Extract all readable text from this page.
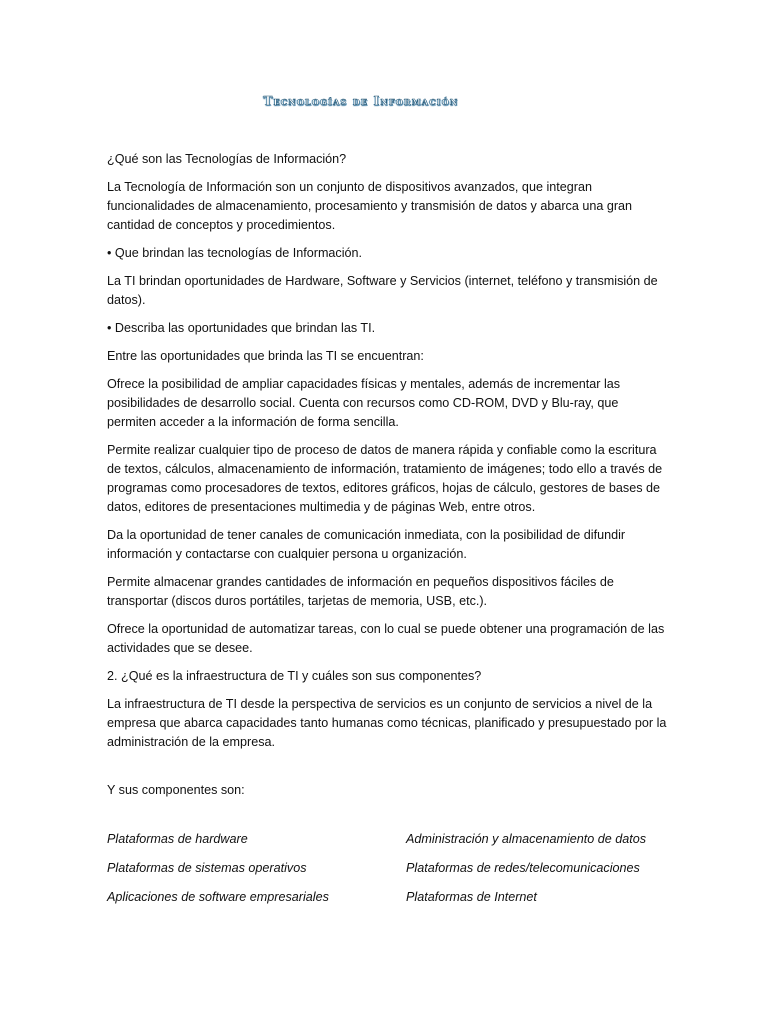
Tecnologías de Información

¿Qué son las Tecnologías de Información?

La Tecnología de Información son un conjunto de dispositivos avanzados, que integran funcionalidades de almacenamiento, procesamiento y transmisión de datos y abarca una gran cantidad de conceptos y procedimientos.

• Que brindan las tecnologías de Información.

La TI brindan oportunidades de Hardware, Software y Servicios (internet, teléfono y transmisión de datos).

• Describa las oportunidades que brindan las TI.

Entre las oportunidades que brinda las TI se encuentran:

Ofrece la posibilidad de ampliar capacidades físicas y mentales, además de incrementar las posibilidades de desarrollo social. Cuenta con recursos como CD-ROM, DVD y Blu-ray, que permiten acceder a la información de forma sencilla.

Permite realizar cualquier tipo de proceso de datos de manera rápida y confiable como la escritura de textos, cálculos, almacenamiento de información, tratamiento de imágenes; todo ello a través de programas como procesadores de textos, editores gráficos, hojas de cálculo, gestores de bases de datos, editores de presentaciones multimedia y de páginas Web, entre otros.

Da la oportunidad de tener canales de comunicación inmediata, con la posibilidad de difundir información y contactarse con cualquier persona u organización.

Permite almacenar grandes cantidades de información en pequeños dispositivos fáciles de transportar (discos duros portátiles, tarjetas de memoria, USB, etc.).

Ofrece la oportunidad de automatizar tareas, con lo cual se puede obtener una programación de las actividades que se desee.

2. ¿Qué es la infraestructura de TI y cuáles son sus componentes?

La infraestructura de TI desde la perspectiva de servicios es un conjunto de servicios a nivel de la empresa que abarca capacidades tanto humanas como técnicas, planificado y presupuestado por la administración de la empresa.

Y sus componentes son:

Plataformas de hardware	Administración y almacenamiento de datos
Plataformas de sistemas operativos	Plataformas de redes/telecomunicaciones
Aplicaciones de software empresariales	Plataformas de Internet
